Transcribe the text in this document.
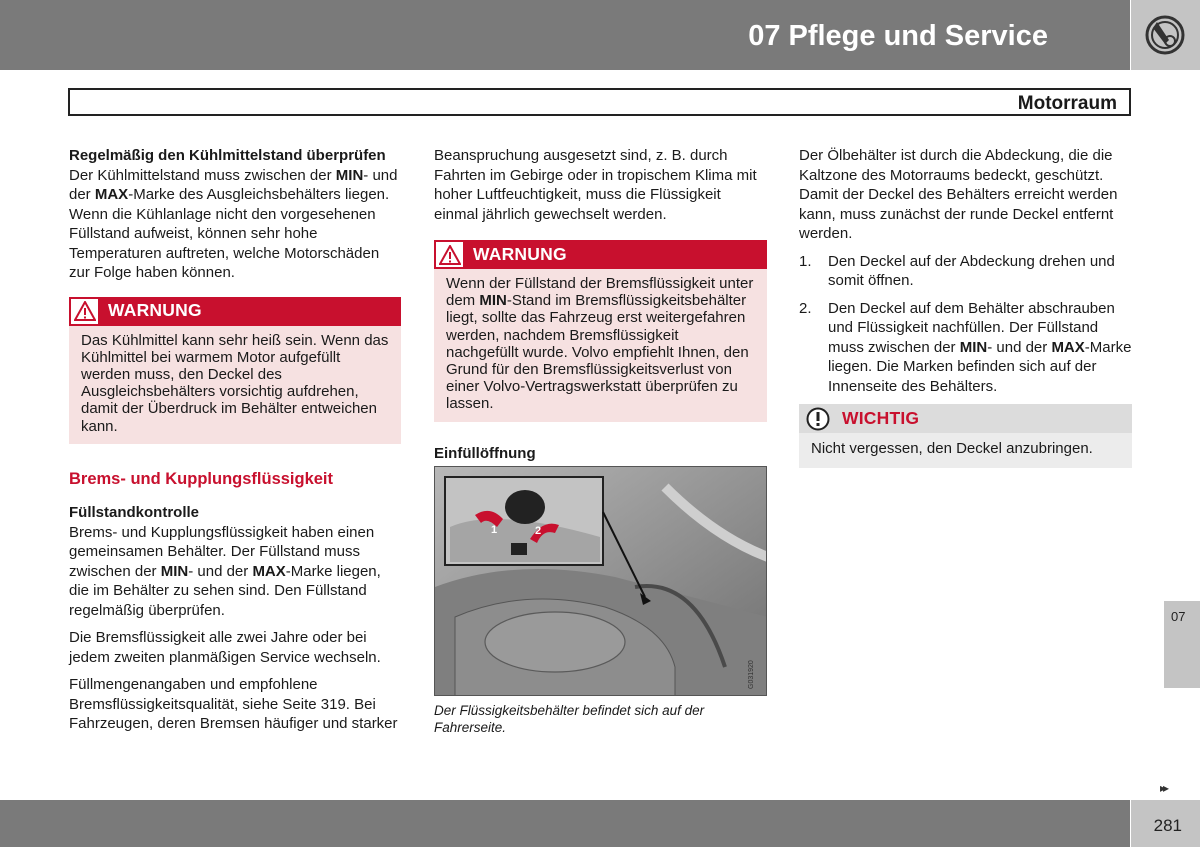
07 Pflege und Service
Motorraum
Regelmäßig den Kühlmittelstand überprüfen
Der Kühlmittelstand muss zwischen der MIN- und der MAX-Marke des Ausgleichsbehälters liegen. Wenn die Kühlanlage nicht den vorgesehenen Füllstand aufweist, können sehr hohe Temperaturen auftreten, welche Motorschäden zur Folge haben können.
WARNUNG
Das Kühlmittel kann sehr heiß sein. Wenn das Kühlmittel bei warmem Motor aufgefüllt werden muss, den Deckel des Ausgleichsbehälters vorsichtig aufdrehen, damit der Überdruck im Behälter entweichen kann.
Brems- und Kupplungsflüssigkeit
Füllstandkontrolle
Brems- und Kupplungsflüssigkeit haben einen gemeinsamen Behälter. Der Füllstand muss zwischen der MIN- und der MAX-Marke liegen, die im Behälter zu sehen sind. Den Füllstand regelmäßig überprüfen.
Die Bremsflüssigkeit alle zwei Jahre oder bei jedem zweiten planmäßigen Service wechseln.
Füllmengenangaben und empfohlene Bremsflüssigkeitsqualität, siehe Seite 319. Bei Fahrzeugen, deren Bremsen häufiger und starker
Beanspruchung ausgesetzt sind, z. B. durch Fahrten im Gebirge oder in tropischem Klima mit hoher Luftfeuchtigkeit, muss die Flüssigkeit einmal jährlich gewechselt werden.
WARNUNG
Wenn der Füllstand der Bremsflüssigkeit unter dem MIN-Stand im Bremsflüssigkeitsbehälter liegt, sollte das Fahrzeug erst weitergefahren werden, nachdem Bremsflüssigkeit nachgefüllt wurde. Volvo empfiehlt Ihnen, den Grund für den Bremsflüssigkeitsverlust von einer Volvo-Vertragswerkstatt überprüfen zu lassen.
Einfüllöffnung
1	2
G031920
Der Flüssigkeitsbehälter befindet sich auf der Fahrerseite.
Der Ölbehälter ist durch die Abdeckung, die die Kaltzone des Motorraums bedeckt, geschützt. Damit der Deckel des Behälters erreicht werden kann, muss zunächst der runde Deckel entfernt werden.
1. Den Deckel auf der Abdeckung drehen und somit öffnen.
2. Den Deckel auf dem Behälter abschrauben und Flüssigkeit nachfüllen. Der Füllstand muss zwischen der MIN- und der MAX-Marke liegen. Die Marken befinden sich auf der Innenseite des Behälters.
WICHTIG
Nicht vergessen, den Deckel anzubringen.
07
▸▸
281
